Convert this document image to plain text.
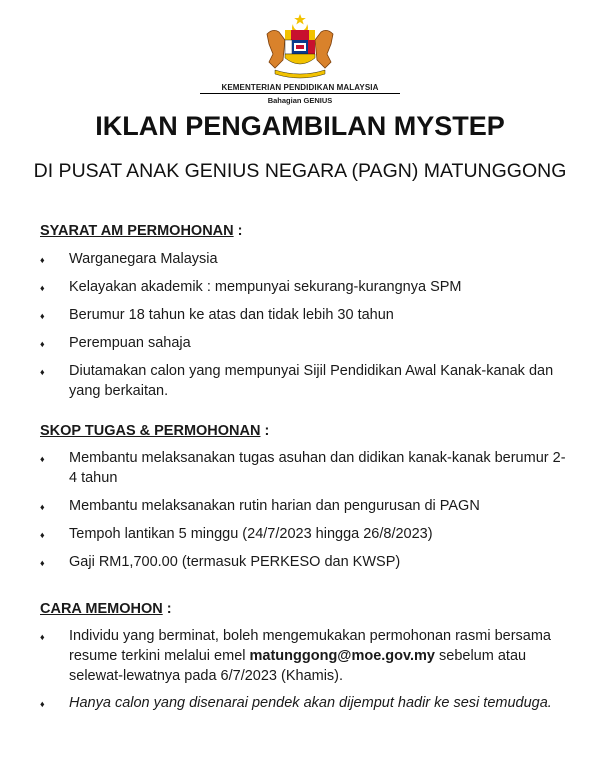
KEMENTERIAN PENDIDIKAN MALAYSIA
Bahagian GENIUS
IKLAN PENGAMBILAN MYSTEP
DI PUSAT ANAK GENIUS NEGARA (PAGN) MATUNGGONG
SYARAT AM PERMOHONAN :
♦ Warganegara Malaysia
♦ Kelayakan akademik : mempunyai sekurang-kurangnya SPM
♦ Berumur 18 tahun ke atas dan tidak lebih 30 tahun
♦ Perempuan sahaja
♦ Diutamakan calon yang mempunyai Sijil Pendidikan Awal Kanak-kanak dan yang berkaitan.
SKOP TUGAS & PERMOHONAN :
♦ Membantu melaksanakan tugas asuhan dan didikan kanak-kanak berumur 2-4 tahun
♦ Membantu melaksanakan rutin harian dan pengurusan di PAGN
♦ Tempoh lantikan 5 minggu (24/7/2023 hingga 26/8/2023)
♦ Gaji RM1,700.00 (termasuk PERKESO dan KWSP)
CARA MEMOHON :
♦ Individu yang berminat, boleh mengemukakan permohonan rasmi bersama resume terkini melalui emel matunggong@moe.gov.my sebelum atau selewat-lewatnya pada 6/7/2023 (Khamis).
♦ Hanya calon yang disenarai pendek akan dijemput hadir ke sesi temuduga.
